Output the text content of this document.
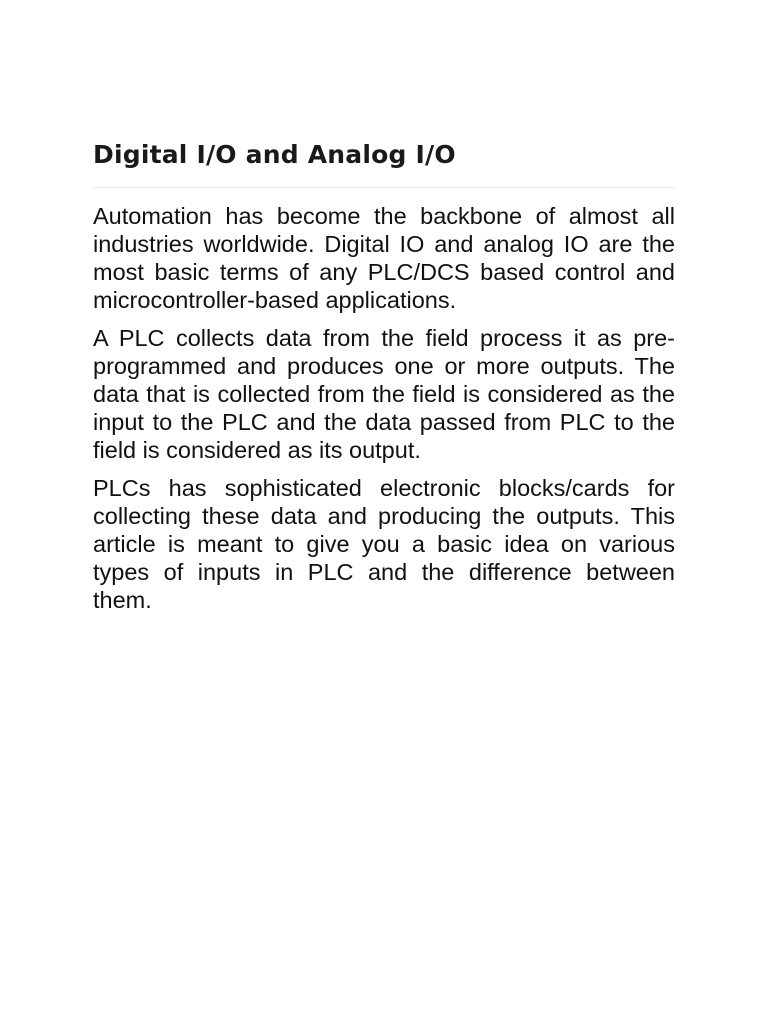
Digital I/O and Analog I/O

Automation has become the backbone of almost all industries worldwide. Digital IO and analog IO are the most basic terms of any PLC/DCS based control and microcontroller-based applications.

A PLC collects data from the field process it as pre-programmed and produces one or more outputs. The data that is collected from the field is considered as the input to the PLC and the data passed from PLC to the field is considered as its output.

PLCs has sophisticated electronic blocks/cards for collecting these data and producing the outputs. This article is meant to give you a basic idea on various types of inputs in PLC and the difference between them.
